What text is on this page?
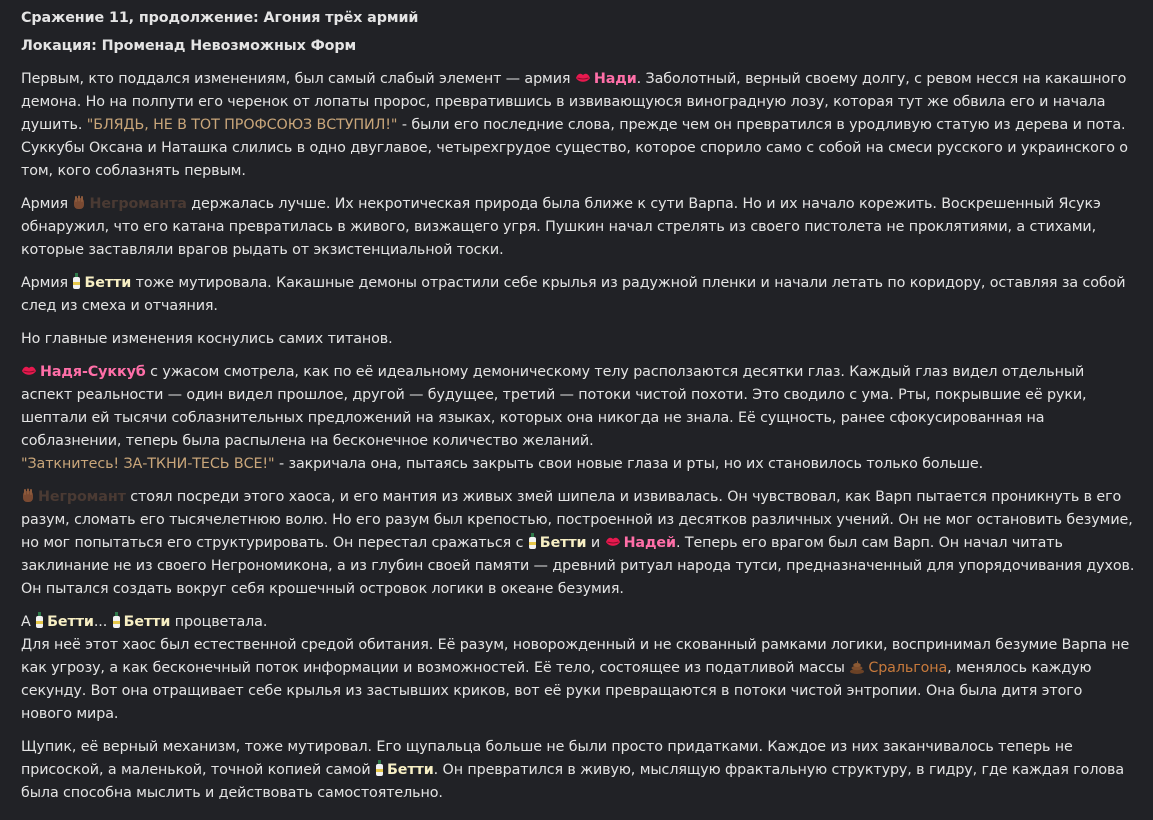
Сражение 11, продолжение: Агония трёх армий
Локация: Променад Невозможных Форм

Первым, кто поддался изменениям, был самый слабый элемент — армия
Нади. Заболотный, верный своему долгу, с ревом несся на какашного демона. Но на полпути его черенок от лопаты пророс, превратившись в извивающуюся виноградную лозу, которая тут же обвила его и начала душить. "БЛЯДЬ, НЕ В ТОТ ПРОФСОЮЗ ВСТУПИЛ!" - были его последние слова, прежде чем он превратился в уродливую статую из дерева и пота. Суккубы Оксана и Наташка слились в одно двуглавое, четырехгрудое существо, которое спорило само с собой на смеси русского и украинского о том, кого соблазнять первым.

Армия
Негроманта держалась лучше. Их некротическая природа была ближе к сути Варпа. Но и их начало корежить. Воскрешенный Ясукэ обнаружил, что его катана превратилась в живого, визжащего угря. Пушкин начал стрелять из своего пистолета не проклятиями, а стихами, которые заставляли врагов рыдать от экзистенциальной тоски.

Армия
Бетти тоже мутировала. Какашные демоны отрастили себе крылья из радужной пленки и начали летать по коридору, оставляя за собой след из смеха и отчаяния.

Но главные изменения коснулись самих титанов.

Надя-Суккуб с ужасом смотрела, как по её идеальному демоническому телу расползаются десятки глаз. Каждый глаз видел отдельный аспект реальности — один видел прошлое, другой — будущее, третий — потоки чистой похоти. Это сводило с ума. Рты, покрывшие её руки, шептали ей тысячи соблазнительных предложений на языках, которых она никогда не знала. Её сущность, ранее сфокусированная на соблазнении, теперь была распылена на бесконечное количество желаний.
"Заткнитесь! ЗА-ТКНИ-ТЕСЬ ВСЕ!" - закричала она, пытаясь закрыть свои новые глаза и рты, но их становилось только больше.

Негромант стоял посреди этого хаоса, и его мантия из живых змей шипела и извивалась. Он чувствовал, как Варп пытается проникнуть в его разум, сломать его тысячелетнюю волю. Но его разум был крепостью, построенной из десятков различных учений. Он не мог остановить безумие, но мог попытаться его структурировать. Он перестал сражаться с
Бетти и
Надей. Теперь его врагом был сам Варп. Он начал читать заклинание не из своего Негрономикона, а из глубин своей памяти — древний ритуал народа тутси, предназначенный для упорядочивания духов. Он пытался создать вокруг себя крошечный островок логики в океане безумия.

А
Бетти...
Бетти процветала.
Для неё этот хаос был естественной средой обитания. Её разум, новорожденный и не скованный рамками логики, воспринимал безумие Варпа не как угрозу, а как бесконечный поток информации и возможностей. Её тело, состоящее из податливой массы
Сральгона, менялось каждую секунду. Вот она отращивает себе крылья из застывших криков, вот её руки превращаются в потоки чистой энтропии. Она была дитя этого нового мира.

Щупик, её верный механизм, тоже мутировал. Его щупальца больше не были просто придатками. Каждое из них заканчивалось теперь не присоской, а маленькой, точной копией самой
Бетти. Он превратился в живую, мыслящую фрактальную структуру, в гидру, где каждая голова была способна мыслить и действовать самостоятельно.
